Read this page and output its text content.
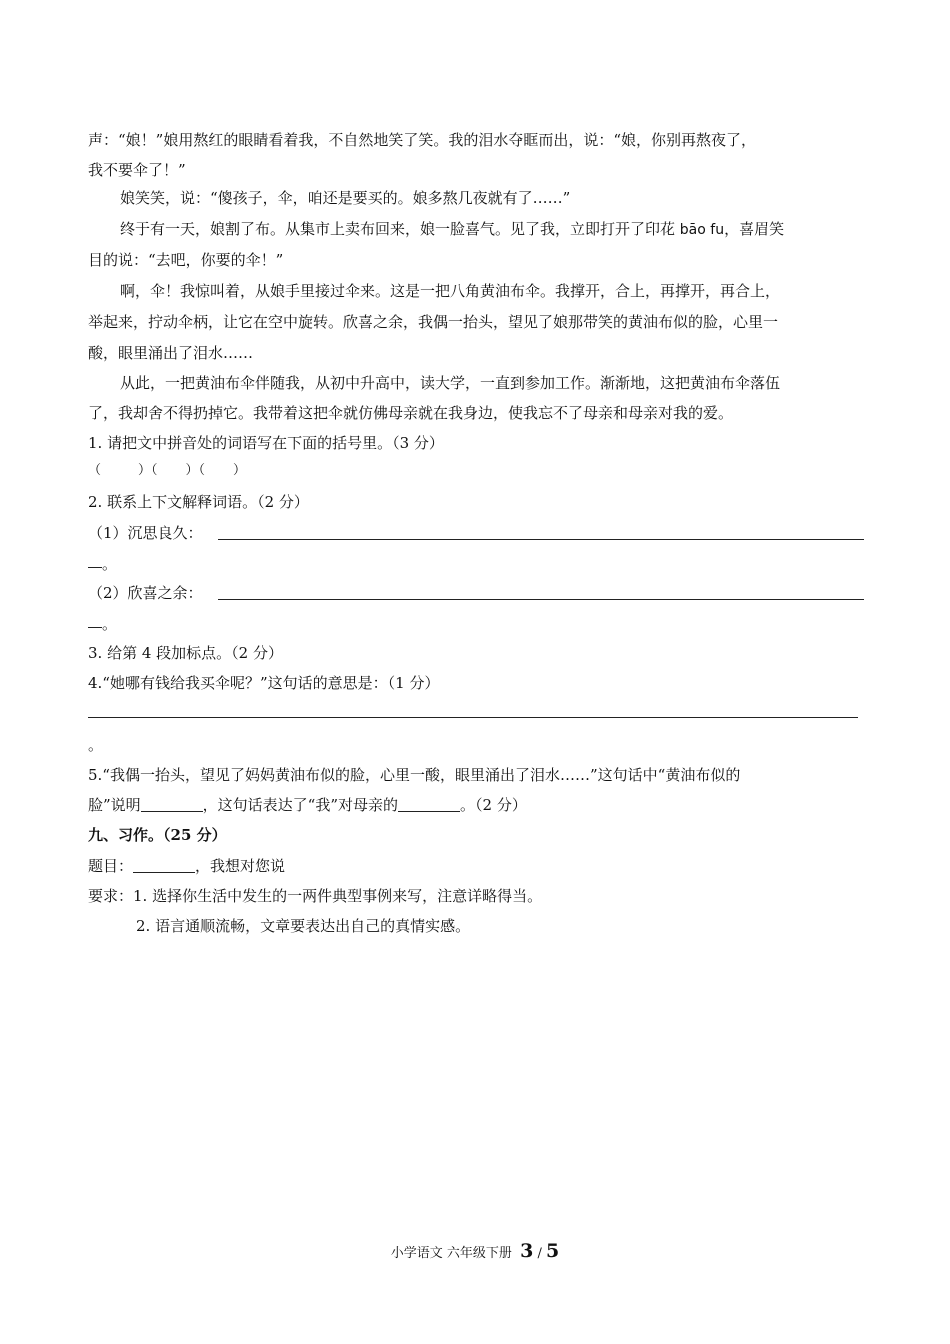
声：“娘！”娘用熬红的眼睛看着我，不自然地笑了笑。我的泪水夺眶而出，说：“娘，你别再熬夜了，
我不要伞了！”
娘笑笑，说：“傻孩子，伞，咱还是要买的。娘多熬几夜就有了……”
终于有一天，娘割了布。从集市上卖布回来，娘一脸喜气。见了我，立即打开了印花 bāo fu，喜眉笑
目的说：“去吧，你要的伞！”
啊，伞！我惊叫着，从娘手里接过伞来。这是一把八角黄油布伞。我撑开，合上，再撑开，再合上，
举起来，拧动伞柄，让它在空中旋转。欣喜之余，我偶一抬头，望见了娘那带笑的黄油布似的脸，心里一
酸，眼里涌出了泪水……
从此，一把黄油布伞伴随我，从初中升高中，读大学，一直到参加工作。渐渐地，这把黄油布伞落伍
了，我却舍不得扔掉它。我带着这把伞就仿佛母亲就在我身边，使我忘不了母亲和母亲对我的爱。
1. 请把文中拼音处的词语写在下面的括号里。（3 分）
（	）（ ）（ ）
2. 联系上下文解释词语。（2 分）
（1）沉思良久：
。
（2）欣喜之余：
。
3. 给第 4 段加标点。（2 分）
4.“她哪有钱给我买伞呢？”这句话的意思是：（1 分）
。
5.“我偶一抬头，望见了妈妈黄油布似的脸，心里一酸，眼里涌出了泪水……”这句话中“黄油布似的
脸”说明	，这句话表达了“我”对母亲的	。（2 分）
九、习作。（25 分）
题目：	，我想对您说
要求：1. 选择你生活中发生的一两件典型事例来写，注意详略得当。
2. 语言通顺流畅，文章要表达出自己的真情实感。
小学语文 六年级下册 3 / 5
